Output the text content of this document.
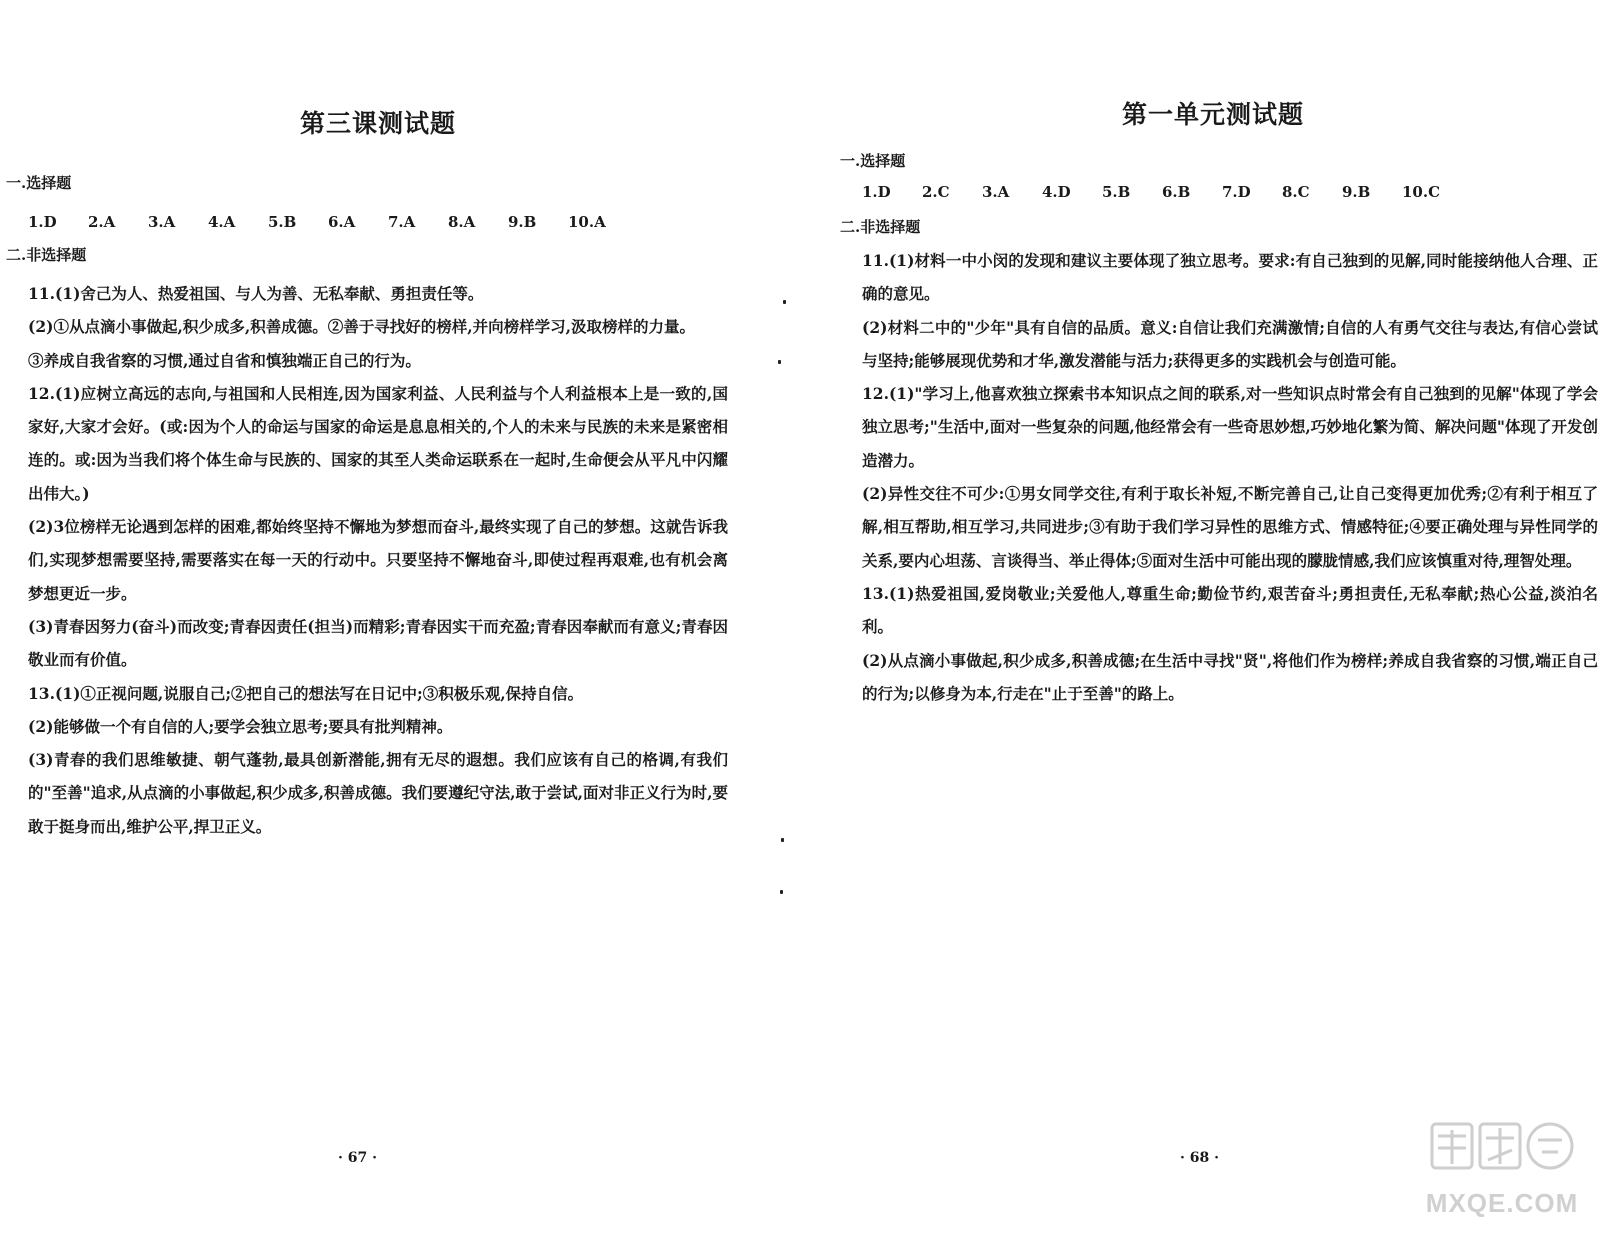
第三课测试题
一.选择题
1.D	2.A	3.A	4.A	5.B	6.A	7.A	8.A	9.B	10.A
二.非选择题

11.(1)舍己为人、热爱祖国、与人为善、无私奉献、勇担责任等。

(2)①从点滴小事做起,积少成多,积善成德。②善于寻找好的榜样,并向榜样学习,汲取榜样的力量。

③养成自我省察的习惯,通过自省和慎独端正自己的行为。

12.(1)应树立高远的志向,与祖国和人民相连,因为国家利益、人民利益与个人利益根本上是一致的,国家好,大家才会好。(或:因为个人的命运与国家的命运是息息相关的,个人的未来与民族的未来是紧密相连的。或:因为当我们将个体生命与民族的、国家的其至人类命运联系在一起时,生命便会从平凡中闪耀出伟大。)

(2)3位榜样无论遇到怎样的困难,都始终坚持不懈地为梦想而奋斗,最终实现了自己的梦想。这就告诉我们,实现梦想需要坚持,需要落实在每一天的行动中。只要坚持不懈地奋斗,即使过程再艰难,也有机会离梦想更近一步。

(3)青春因努力(奋斗)而改变;青春因责任(担当)而精彩;青春因实干而充盈;青春因奉献而有意义;青春因敬业而有价值。

13.(1)①正视问题,说服自己;②把自己的想法写在日记中;③积极乐观,保持自信。

(2)能够做一个有自信的人;要学会独立思考;要具有批判精神。

(3)青春的我们思维敏捷、朝气蓬勃,最具创新潜能,拥有无尽的遐想。我们应该有自己的格调,有我们的"至善"追求,从点滴的小事做起,积少成多,积善成德。我们要遵纪守法,敢于尝试,面对非正义行为时,要敢于挺身而出,维护公平,捍卫正义。

· 67 ·
第一单元测试题
一.选择题
1.D	2.C	3.A	4.D	5.B	6.B	7.D	8.C	9.B	10.C
二.非选择题

11.(1)材料一中小闵的发现和建议主要体现了独立思考。要求:有自己独到的见解,同时能接纳他人合理、正确的意见。

(2)材料二中的"少年"具有自信的品质。意义:自信让我们充满激情;自信的人有勇气交往与表达,有信心尝试与坚持;能够展现优势和才华,激发潜能与活力;获得更多的实践机会与创造可能。

12.(1)"学习上,他喜欢独立探索书本知识点之间的联系,对一些知识点时常会有自己独到的见解"体现了学会独立思考;"生活中,面对一些复杂的问题,他经常会有一些奇思妙想,巧妙地化繁为简、解决问题"体现了开发创造潜力。

(2)异性交往不可少:①男女同学交往,有利于取长补短,不断完善自己,让自己变得更加优秀;②有利于相互了解,相互帮助,相互学习,共同进步;③有助于我们学习异性的思维方式、情感特征;④要正确处理与异性同学的关系,要内心坦荡、言谈得当、举止得体;⑤面对生活中可能出现的朦胧情感,我们应该慎重对待,理智处理。

13.(1)热爱祖国,爱岗敬业;关爱他人,尊重生命;勤俭节约,艰苦奋斗;勇担责任,无私奉献;热心公益,淡泊名利。

(2)从点滴小事做起,积少成多,积善成德;在生活中寻找"贤",将他们作为榜样;养成自我省察的习惯,端正自己的行为;以修身为本,行走在"止于至善"的路上。

· 68 ·
MXQE.COM
